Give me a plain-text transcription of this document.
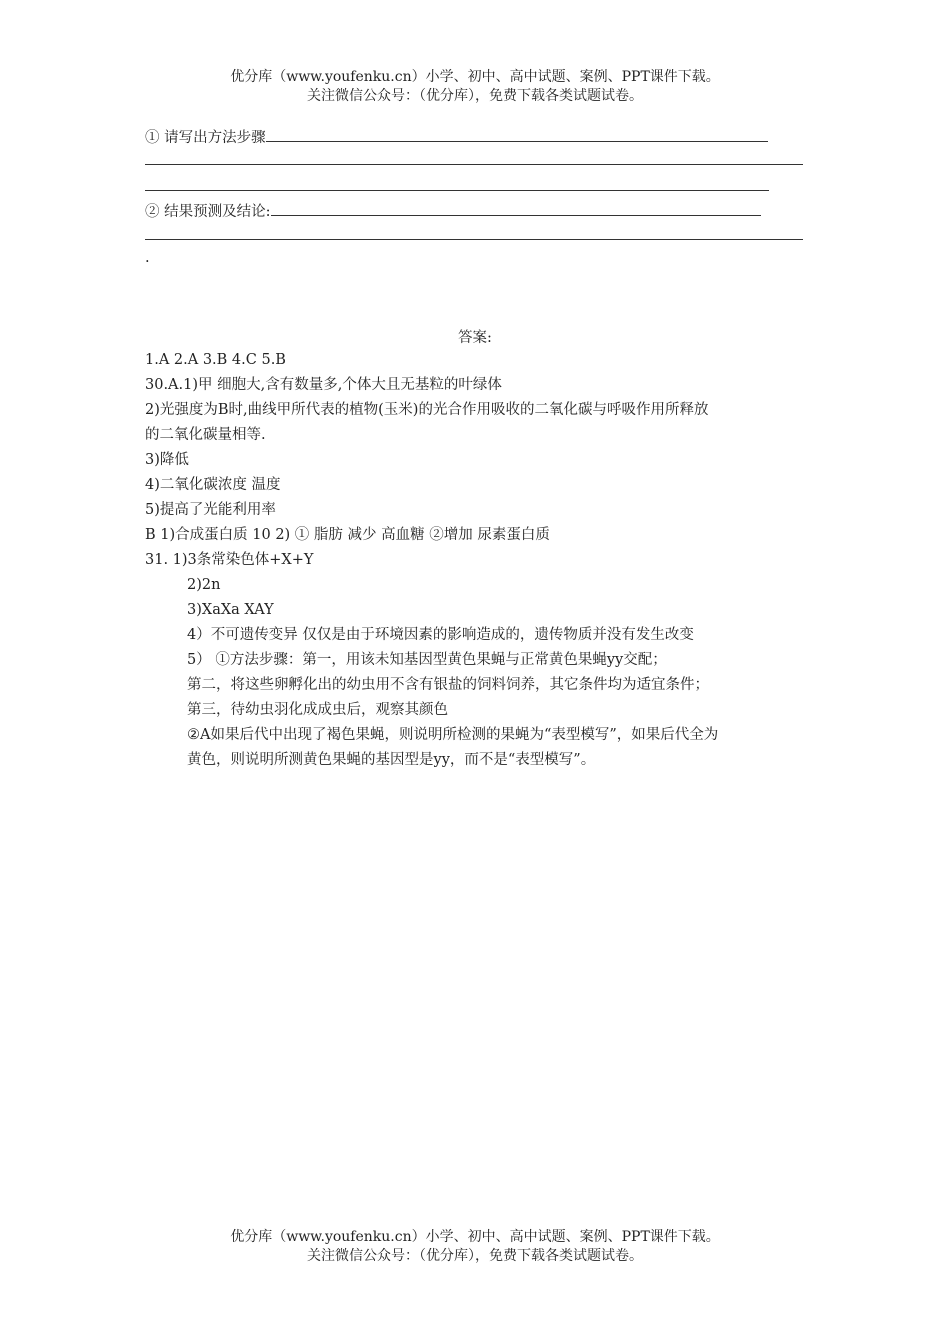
优分库（www.youfenku.cn）小学、初中、高中试题、案例、PPT课件下载。
关注微信公众号：（优分库），免费下载各类试题试卷。
① 请写出方法步骤
② 结果预测及结论:
.
答案:
1.A 2.A 3.B 4.C 5.B
30.A.1)甲 细胞大,含有数量多,个体大且无基粒的叶绿体
2)光强度为B时,曲线甲所代表的植物(玉米)的光合作用吸收的二氧化碳与呼吸作用所释放
的二氧化碳量相等.
3)降低
4)二氧化碳浓度 温度
5)提高了光能利用率
B 1)合成蛋白质 10 2) ① 脂肪 减少 高血糖 ②增加 尿素蛋白质
31. 1)3条常染色体+X+Y
2)2n
3)XaXa XAY
4）不可遗传变异 仅仅是由于环境因素的影响造成的，遗传物质并没有发生改变
5） ①方法步骤：第一，用该未知基因型黄色果蝇与正常黄色果蝇yy交配；
第二，将这些卵孵化出的幼虫用不含有银盐的饲料饲养，其它条件均为适宜条件；
第三，待幼虫羽化成成虫后，观察其颜色
②A如果后代中出现了褐色果蝇，则说明所检测的果蝇为“表型模写”，如果后代全为
黄色，则说明所测黄色果蝇的基因型是yy，而不是“表型模写”。
优分库（www.youfenku.cn）小学、初中、高中试题、案例、PPT课件下载。
关注微信公众号：（优分库），免费下载各类试题试卷。
